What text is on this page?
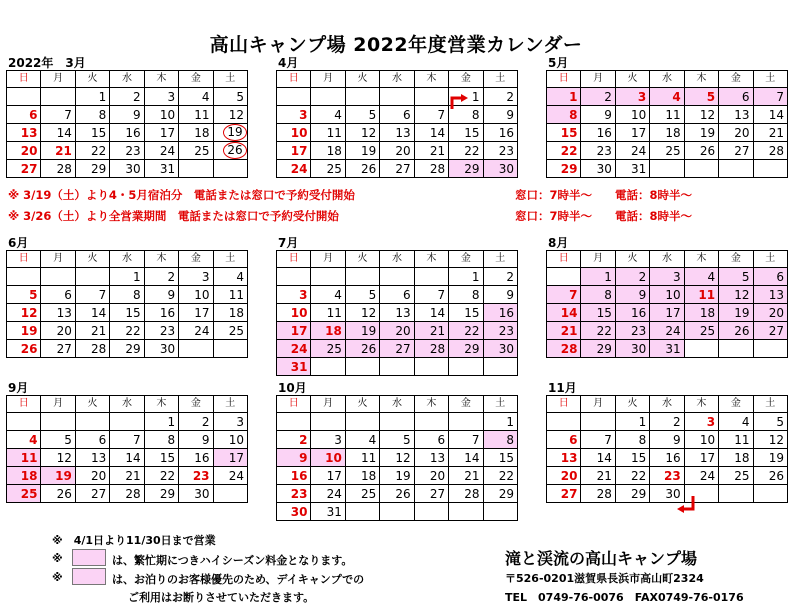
高山キャンプ場 2022年度営業カレンダー
2022年　3月
日	月	火	水	木	金	土
		1	2	3	4	5
6	7	8	9	10	11	12
13	14	15	16	17	18	19
20	21	22	23	24	25	26
27	28	29	30	31		
4月
日	月	火	水	木	金	土
					1	2
3	4	5	6	7	8	9
10	11	12	13	14	15	16
17	18	19	20	21	22	23
24	25	26	27	28	29	30
5月
日	月	火	水	木	金	土
1	2	3	4	5	6	7
8	9	10	11	12	13	14
15	16	17	18	19	20	21
22	23	24	25	26	27	28
29	30	31				
6月
日	月	火	水	木	金	土
			1	2	3	4
5	6	7	8	9	10	11
12	13	14	15	16	17	18
19	20	21	22	23	24	25
26	27	28	29	30		
7月
日	月	火	水	木	金	土
					1	2
3	4	5	6	7	8	9
10	11	12	13	14	15	16
17	18	19	20	21	22	23
24	25	26	27	28	29	30
31						
8月
日	月	火	水	木	金	土
	1	2	3	4	5	6
7	8	9	10	11	12	13
14	15	16	17	18	19	20
21	22	23	24	25	26	27
28	29	30	31			
9月
日	月	火	水	木	金	土
				1	2	3
4	5	6	7	8	9	10
11	12	13	14	15	16	17
18	19	20	21	22	23	24
25	26	27	28	29	30	
10月
日	月	火	水	木	金	土
						1
2	3	4	5	6	7	8
9	10	11	12	13	14	15
16	17	18	19	20	21	22
23	24	25	26	27	28	29
30	31					
11月
日	月	火	水	木	金	土
		1	2	3	4	5
6	7	8	9	10	11	12
13	14	15	16	17	18	19
20	21	22	23	24	25	26
27	28	29	30			
※ 3/19（土）より4・5月宿泊分　電話または窓口で予約受付開始
※ 3/26（土）より全営業期間　電話または窓口で予約受付開始
窓口：7時半～　　電話：8時半～
窓口：7時半～　　電話：8時半～
※　4/1日より11/30日まで営業
※	は、繁忙期につきハイシーズン料金となります。
※	は、お泊りのお客様優先のため、デイキャンプでの
ご利用はお断りさせていただきます。
滝と渓流の高山キャンプ場
〒526-0201滋賀県長浜市高山町2324
TEL　0749-76-0076　FAX0749-76-0176
